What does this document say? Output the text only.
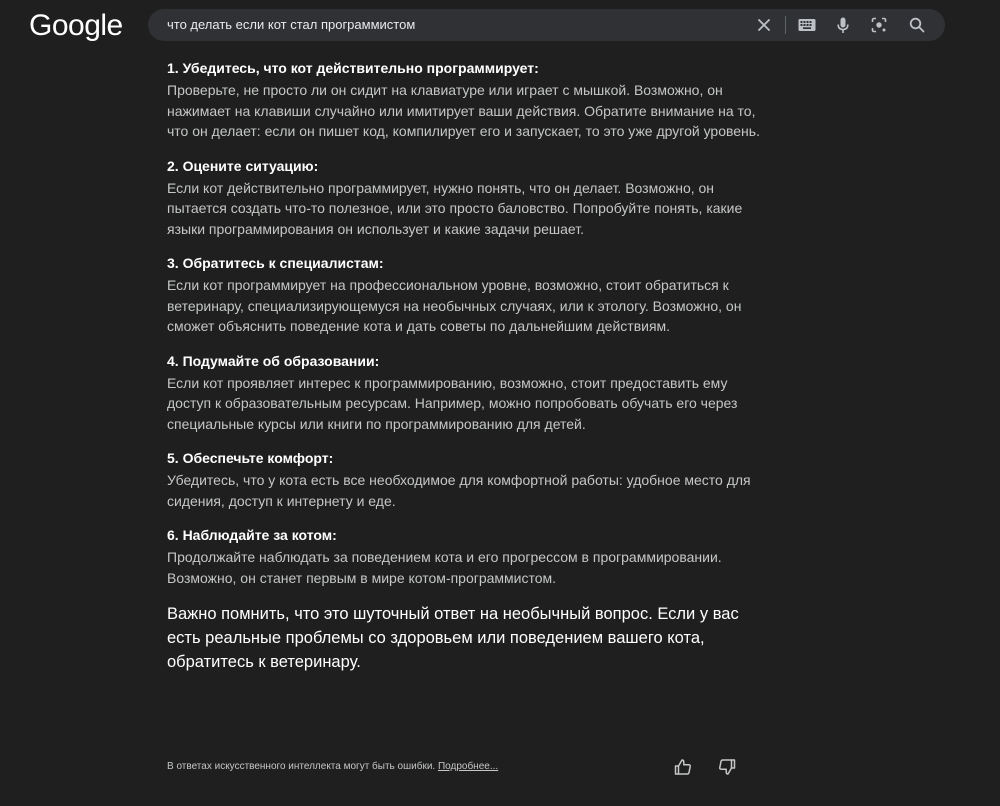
Google	что делать если кот стал программистом
1. Убедитесь, что кот действительно программирует:

Проверьте, не просто ли он сидит на клавиатуре или играет с мышкой. Возможно, он нажимает на клавиши случайно или имитирует ваши действия. Обратите внимание на то, что он делает: если он пишет код, компилирует его и запускает, то это уже другой уровень.

2. Оцените ситуацию:

Если кот действительно программирует, нужно понять, что он делает. Возможно, он пытается создать что-то полезное, или это просто баловство. Попробуйте понять, какие языки программирования он использует и какие задачи решает.

3. Обратитесь к специалистам:

Если кот программирует на профессиональном уровне, возможно, стоит обратиться к ветеринару, специализирующемуся на необычных случаях, или к этологу. Возможно, он сможет объяснить поведение кота и дать советы по дальнейшим действиям.

4. Подумайте об образовании:

Если кот проявляет интерес к программированию, возможно, стоит предоставить ему доступ к образовательным ресурсам. Например, можно попробовать обучать его через специальные курсы или книги по программированию для детей.

5. Обеспечьте комфорт:

Убедитесь, что у кота есть все необходимое для комфортной работы: удобное место для сидения, доступ к интернету и еде.

6. Наблюдайте за котом:

Продолжайте наблюдать за поведением кота и его прогрессом в программировании. Возможно, он станет первым в мире котом-программистом.

Важно помнить, что это шуточный ответ на необычный вопрос. Если у вас есть реальные проблемы со здоровьем или поведением вашего кота, обратитесь к ветеринару.
В ответах искусственного интеллекта могут быть ошибки. Подробнее...
